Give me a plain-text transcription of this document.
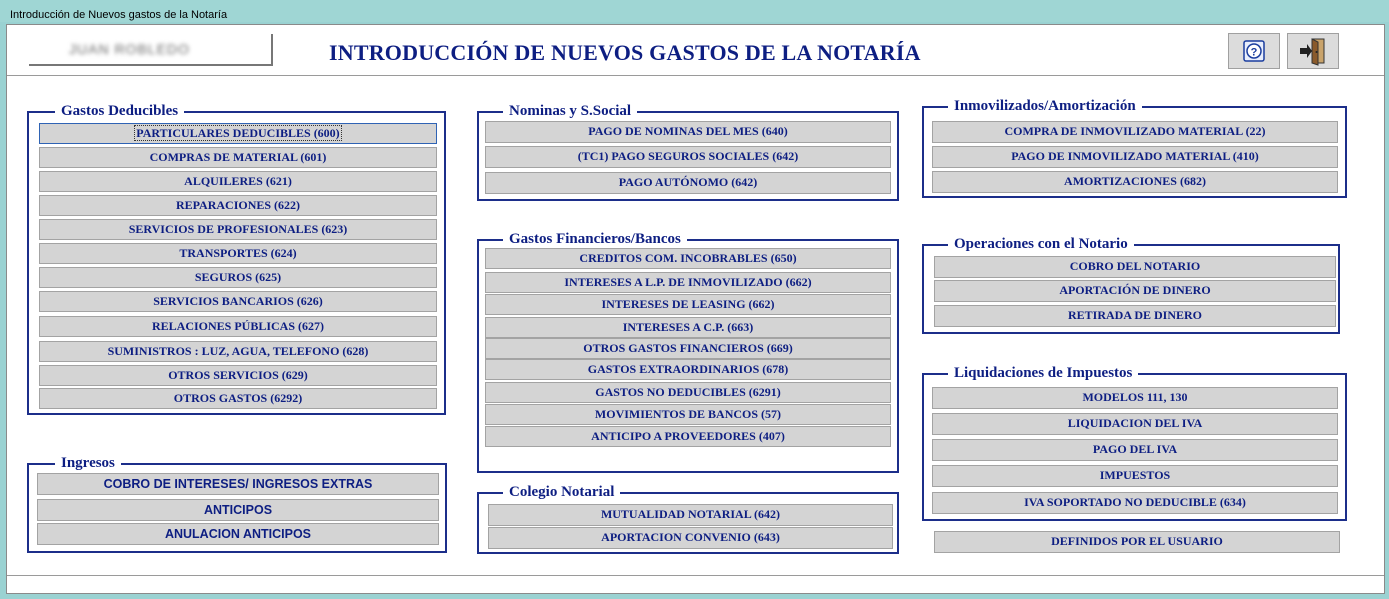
Introducción de Nuevos gastos de la Notaría
JUAN ROBLEDO	INTRODUCCIÓN DE NUEVOS GASTOS DE LA NOTARÍA	?
Gastos Deducibles
PARTICULARES DEDUCIBLES (600)
COMPRAS DE MATERIAL (601)
ALQUILERES (621)
REPARACIONES (622)
SERVICIOS DE PROFESIONALES (623)
TRANSPORTES (624)
SEGUROS (625)
SERVICIOS BANCARIOS (626)
RELACIONES PÚBLICAS (627)
SUMINISTROS : LUZ, AGUA, TELEFONO (628)
OTROS SERVICIOS (629)
OTROS GASTOS (6292)
Ingresos
COBRO DE INTERESES/ INGRESOS EXTRAS
ANTICIPOS
ANULACION ANTICIPOS
Nominas y S.Social
PAGO DE NOMINAS DEL MES (640)
(TC1) PAGO SEGUROS SOCIALES (642)
PAGO AUTÓNOMO (642)
Gastos Financieros/Bancos
CREDITOS COM. INCOBRABLES (650)
INTERESES A L.P. DE INMOVILIZADO (662)
INTERESES DE LEASING (662)
INTERESES A C.P. (663)
OTROS GASTOS FINANCIEROS (669)
GASTOS EXTRAORDINARIOS (678)
GASTOS NO DEDUCIBLES (6291)
MOVIMIENTOS DE BANCOS (57)
ANTICIPO A PROVEEDORES (407)
Colegio Notarial
MUTUALIDAD NOTARIAL (642)
APORTACION CONVENIO (643)
Inmovilizados/Amortización
COMPRA DE INMOVILIZADO MATERIAL (22)
PAGO DE INMOVILIZADO MATERIAL (410)
AMORTIZACIONES (682)
Operaciones con el Notario
COBRO DEL NOTARIO
APORTACIÓN DE DINERO
RETIRADA DE DINERO
Liquidaciones de Impuestos
MODELOS 111, 130
LIQUIDACION DEL IVA
PAGO DEL IVA
IMPUESTOS
IVA SOPORTADO NO DEDUCIBLE (634)
DEFINIDOS POR EL USUARIO
